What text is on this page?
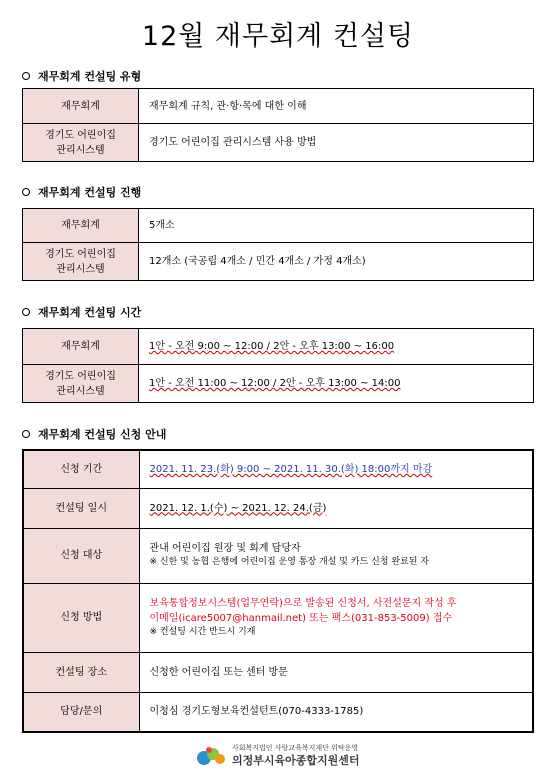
12월 재무회계 컨설팅
재무회계 컨설팅 유형
재무회계	재무회계 규칙, 관·항·목에 대한 이해
경기도 어린이집
관리시스템	경기도 어린이집 관리시스템 사용 방법
재무회계 컨설팅 진행
재무회계	5개소
경기도 어린이집
관리시스템	12개소 (국공립 4개소 / 민간 4개소 / 가정 4개소)
재무회계 컨설팅 시간
재무회계	1안 - 오전 9:00 ~ 12:00 / 2안 - 오후 13:00 ~ 16:00
경기도 어린이집
관리시스템	1안 - 오전 11:00 ~ 12:00 / 2안 - 오후 13:00 ~ 14:00
재무회계 컨설팅 신청 안내
신청 기간	2021. 11. 23.(화) 9:00 ~ 2021. 11. 30.(화) 18:00까지 마감
컨설팅 일시	2021. 12. 1.(수) ~ 2021. 12. 24.(금)
신청 대상	관내 어린이집 원장 및 회계 담당자
※ 신한 및 농협 은행에 어린이집 운영 통장 개설 및 카드 신청 완료된 자

신청 방법	보육통합정보시스템(업무연락)으로 발송된 신청서, 사전설문지 작성 후
이메일(icare5007@hanmail.net) 또는 팩스(031-853-5009) 접수
※ 컨설팅 시간 반드시 기재

컨설팅 장소	신청한 어린이집 또는 센터 방문
담당/문의	이청심 경기도형보육컨설턴트(070-4333-1785)
사회복지법인 사랑교육복지재단 위탁운영
의정부시육아종합지원센터
